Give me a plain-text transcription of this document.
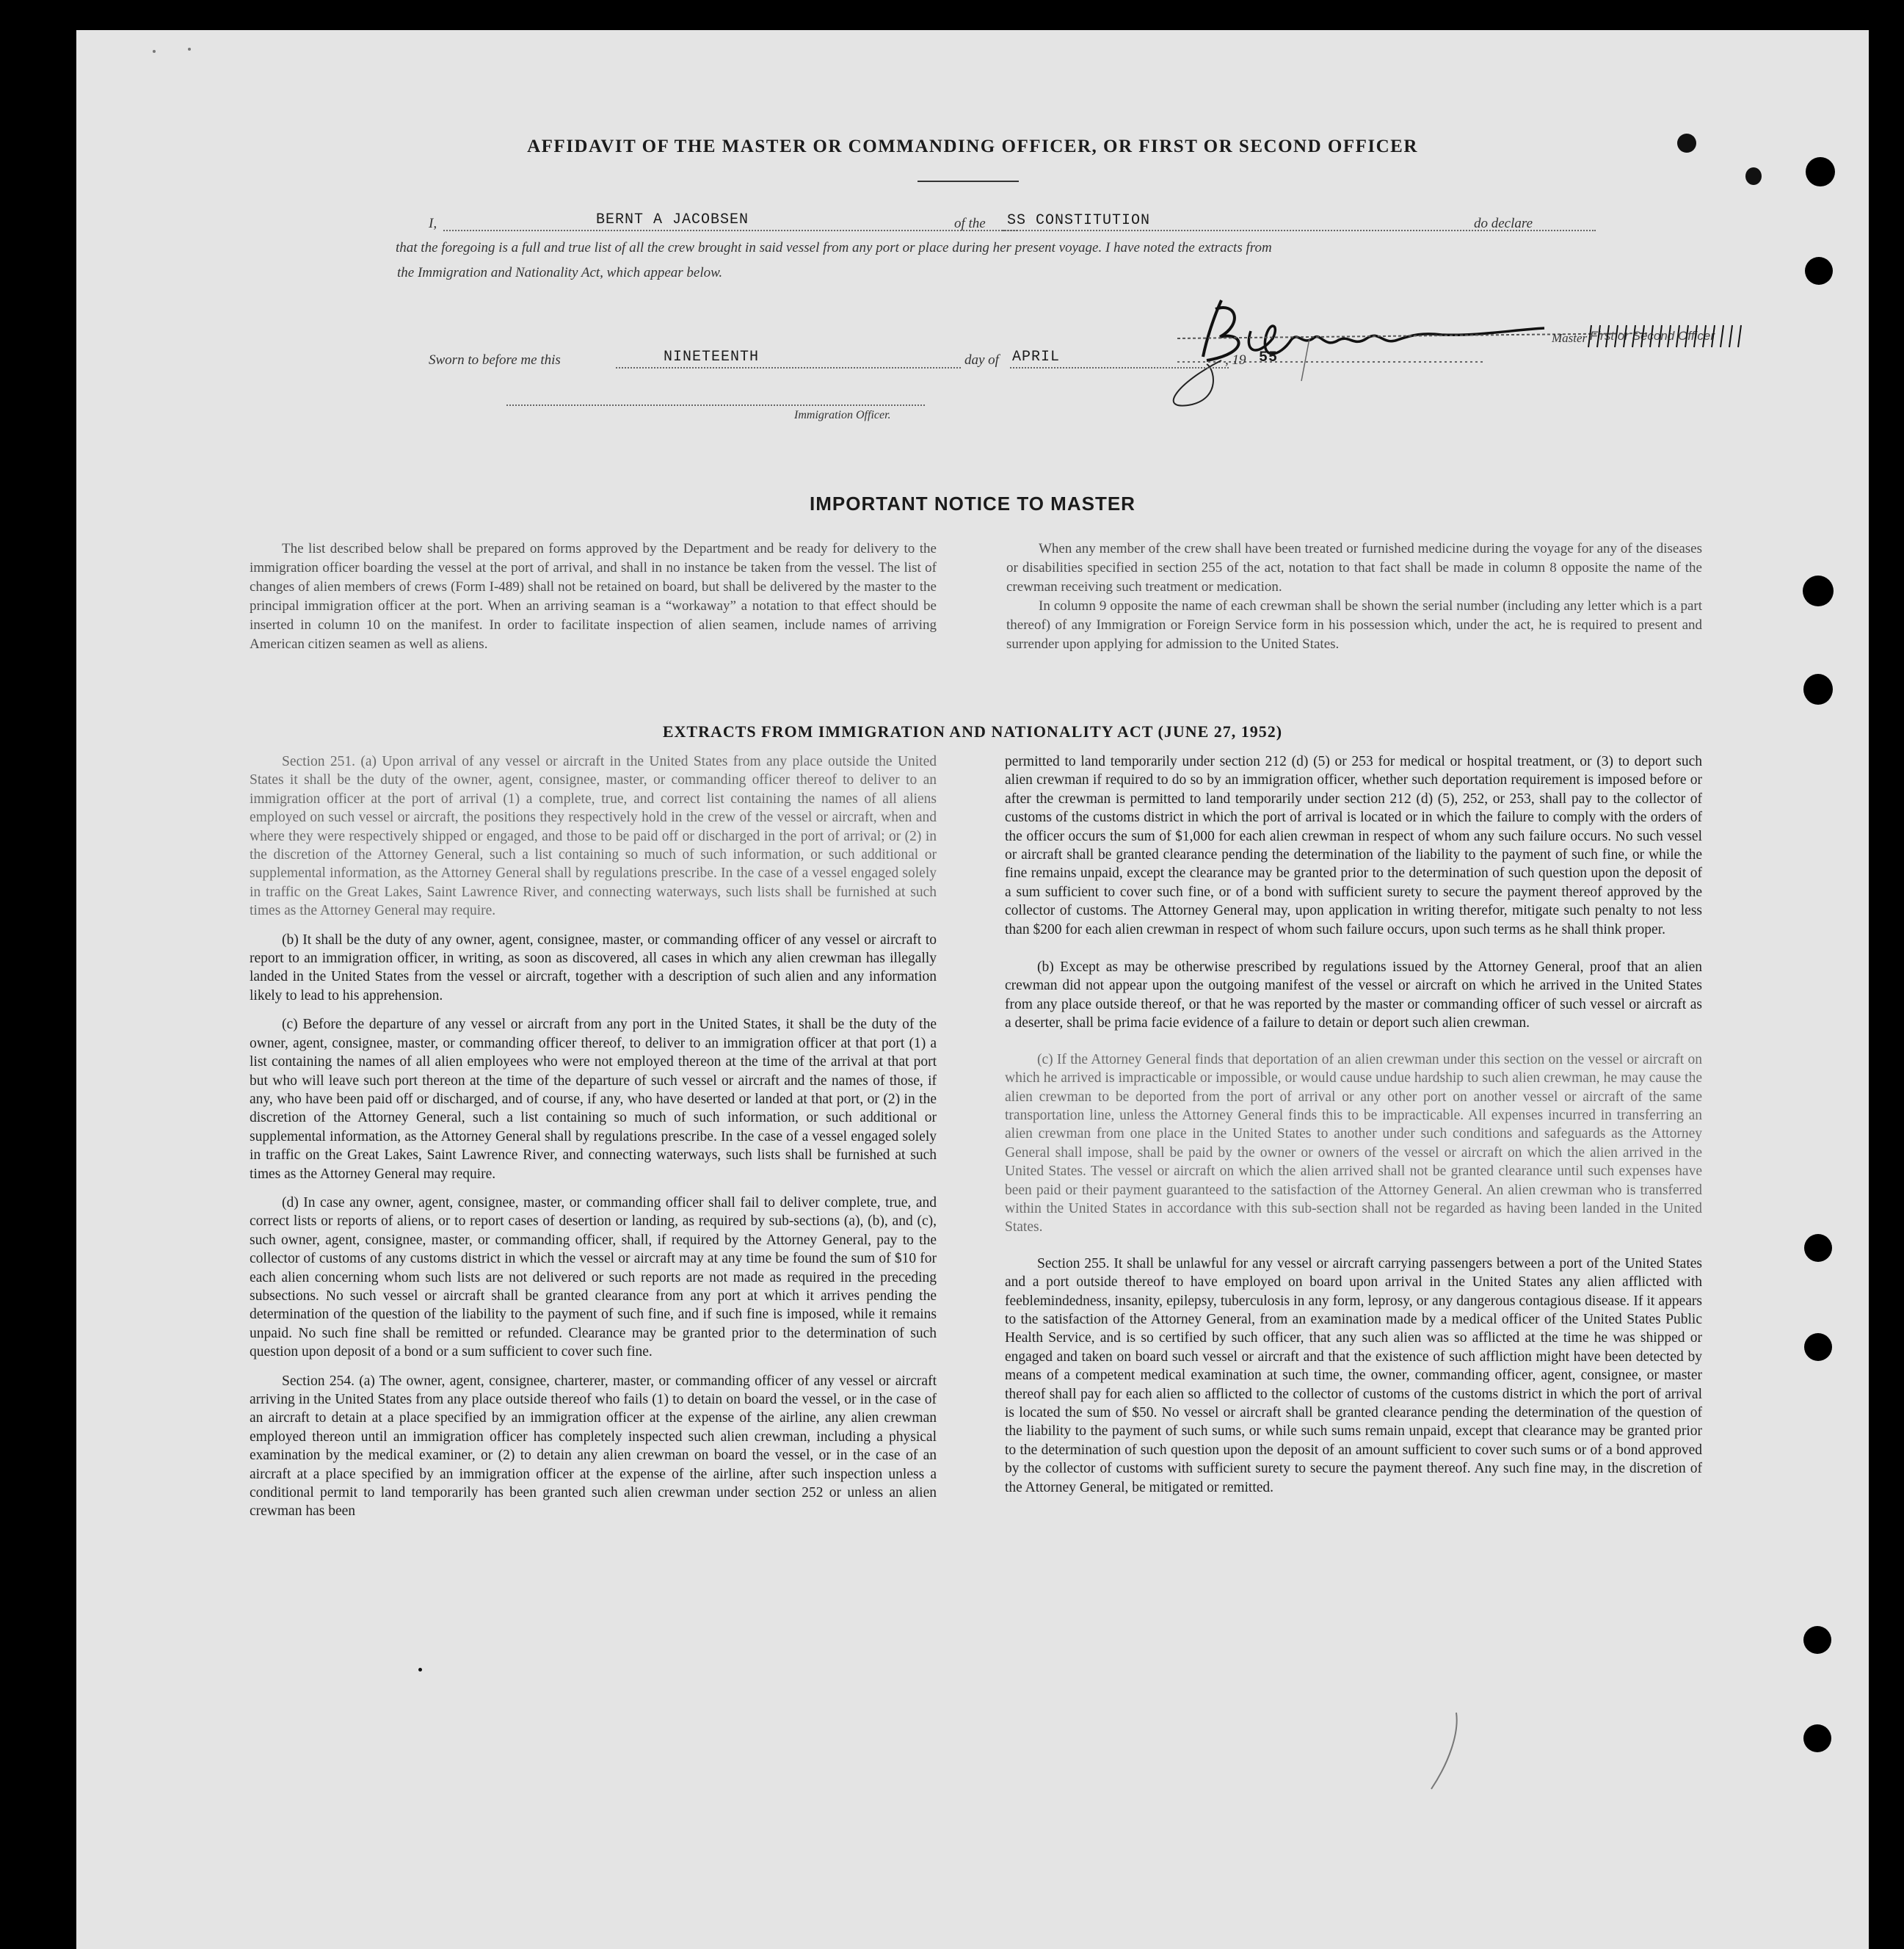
AFFIDAVIT OF THE MASTER OR COMMANDING OFFICER, OR FIRST OR SECOND OFFICER
I,	BERNT A JACOBSEN	of the SS CONSTITUTION	do declare
that the foregoing is a full and true list of all the crew brought in said vessel from any port or place during her present voyage. I have noted the extracts from
the Immigration and Nationality Act, which appear below.
Master First or Second
Sworn to before me this	NINETEENTH	day of APRIL	, 19 55
Immigration Officer.
IMPORTANT NOTICE TO MASTER

The list described below shall be prepared on forms approved by the Department and be ready for delivery to the immigration officer boarding the vessel at the port of arrival, and shall in no instance be taken from the vessel. The list of changes of alien members of crews (Form I-489) shall not be retained on board, but shall be delivered by the master to the principal immigration officer at the port. When an arriving seaman is a “workaway” a notation to that effect should be inserted in column 10 on the manifest. In order to facilitate inspection of alien seamen, include names of arriving American citizen seamen as well as aliens.

When any member of the crew shall have been treated or furnished medicine during the voyage for any of the diseases or disabilities specified in section 255 of the act, notation to that fact shall be made in column 8 opposite the name of the crewman receiving such treatment or medication.

In column 9 opposite the name of each crewman shall be shown the serial number (including any letter which is a part thereof) of any Immigration or Foreign Service form in his possession which, under the act, he is required to present and surrender upon applying for admission to the United States.

EXTRACTS FROM IMMIGRATION AND NATIONALITY ACT (JUNE 27, 1952)

Section 251. (a) Upon arrival of any vessel or aircraft in the United States from any place outside the United States it shall be the duty of the owner, agent, consignee, master, or commanding officer thereof to deliver to an immigration officer at the port of arrival (1) a complete, true, and correct list containing the names of all aliens employed on such vessel or aircraft, the positions they respectively hold in the crew of the vessel or aircraft, when and where they were respectively shipped or engaged, and those to be paid off or discharged in the port of arrival; or (2) in the discretion of the Attorney General, such a list containing so much of such information, or such additional or supplemental information, as the Attorney General shall by regulations prescribe. In the case of a vessel engaged solely in traffic on the Great Lakes, Saint Lawrence River, and connecting waterways, such lists shall be furnished at such times as the Attorney General may require.

(b) It shall be the duty of any owner, agent, consignee, master, or commanding officer of any vessel or aircraft to report to an immigration officer, in writing, as soon as discovered, all cases in which any alien crewman has illegally landed in the United States from the vessel or aircraft, together with a description of such alien and any information likely to lead to his apprehension.

(c) Before the departure of any vessel or aircraft from any port in the United States, it shall be the duty of the owner, agent, consignee, master, or commanding officer thereof, to deliver to an immigration officer at that port (1) a list containing the names of all alien employees who were not employed thereon at the time of the arrival at that port but who will leave such port thereon at the time of the departure of such vessel or aircraft and the names of those, if any, who have been paid off or discharged, and of course, if any, who have deserted or landed at that port, or (2) in the discretion of the Attorney General, such a list containing so much of such information, or such additional or supplemental information, as the Attorney General shall by regulations prescribe. In the case of a vessel engaged solely in traffic on the Great Lakes, Saint Lawrence River, and connecting waterways, such lists shall be furnished at such times as the Attorney General may require.

(d) In case any owner, agent, consignee, master, or commanding officer shall fail to deliver complete, true, and correct lists or reports of aliens, or to report cases of desertion or landing, as required by sub-sections (a), (b), and (c), such owner, agent, consignee, master, or commanding officer, shall, if required by the Attorney General, pay to the collector of customs of any customs district in which the vessel or aircraft may at any time be found the sum of $10 for each alien concerning whom such lists are not delivered or such reports are not made as required in the preceding subsections. No such vessel or aircraft shall be granted clearance from any port at which it arrives pending the determination of the question of the liability to the payment of such fine, and if such fine is imposed, while it remains unpaid. No such fine shall be remitted or refunded. Clearance may be granted prior to the determination of such question upon deposit of a bond or a sum sufficient to cover such fine.

Section 254. (a) The owner, agent, consignee, charterer, master, or commanding officer of any vessel or aircraft arriving in the United States from any place outside thereof who fails (1) to detain on board the vessel, or in the case of an aircraft to detain at a place specified by an immigration officer at the expense of the airline, any alien crewman employed thereon until an immigration officer has completely inspected such alien crewman, including a physical examination by the medical examiner, or (2) to detain any alien crewman on board the vessel, or in the case of an aircraft at a place specified by an immigration officer at the expense of the airline, after such inspection unless a conditional permit to land temporarily has been granted such alien crewman under section 252 or unless an alien crewman has been

permitted to land temporarily under section 212 (d) (5) or 253 for medical or hospital treatment, or (3) to deport such alien crewman if required to do so by an immigration officer, whether such deportation requirement is imposed before or after the crewman is permitted to land temporarily under section 212 (d) (5), 252, or 253, shall pay to the collector of customs of the customs district in which the port of arrival is located or in which the failure to comply with the orders of the officer occurs the sum of $1,000 for each alien crewman in respect of whom any such failure occurs. No such vessel or aircraft shall be granted clearance pending the determination of the liability to the payment of such fine, or while the fine remains unpaid, except the clearance may be granted prior to the determination of such question upon the deposit of a sum sufficient to cover such fine, or of a bond with sufficient surety to secure the payment thereof approved by the collector of customs. The Attorney General may, upon application in writing therefor, mitigate such penalty to not less than $200 for each alien crewman in respect of whom such failure occurs, upon such terms as he shall think proper.

(b) Except as may be otherwise prescribed by regulations issued by the Attorney General, proof that an alien crewman did not appear upon the outgoing manifest of the vessel or aircraft on which he arrived in the United States from any place outside thereof, or that he was reported by the master or commanding officer of such vessel or aircraft as a deserter, shall be prima facie evidence of a failure to detain or deport such alien crewman.

(c) If the Attorney General finds that deportation of an alien crewman under this section on the vessel or aircraft on which he arrived is impracticable or impossible, or would cause undue hardship to such alien crewman, he may cause the alien crewman to be deported from the port of arrival or any other port on another vessel or aircraft of the same transportation line, unless the Attorney General finds this to be impracticable. All expenses incurred in transferring an alien crewman from one place in the United States to another under such conditions and safeguards as the Attorney General shall impose, shall be paid by the owner or owners of the vessel or aircraft on which the alien arrived in the United States. The vessel or aircraft on which the alien arrived shall not be granted clearance until such expenses have been paid or their payment guaranteed to the satisfaction of the Attorney General. An alien crewman who is transferred within the United States in accordance with this sub-section shall not be regarded as having been landed in the United States.

Section 255. It shall be unlawful for any vessel or aircraft carrying passengers between a port of the United States and a port outside thereof to have employed on board upon arrival in the United States any alien afflicted with feeblemindedness, insanity, epilepsy, tuberculosis in any form, leprosy, or any dangerous contagious disease. If it appears to the satisfaction of the Attorney General, from an examination made by a medical officer of the United States Public Health Service, and is so certified by such officer, that any such alien was so afflicted at the time he was shipped or engaged and taken on board such vessel or aircraft and that the existence of such affliction might have been detected by means of a competent medical examination at such time, the owner, commanding officer, agent, consignee, or master thereof shall pay for each alien so afflicted to the collector of customs of the customs district in which the port of arrival is located the sum of $50. No vessel or aircraft shall be granted clearance pending the determination of the question of the liability to the payment of such sums, or while such sums remain unpaid, except that clearance may be granted prior to the determination of such question upon the deposit of an amount sufficient to cover such sums or of a bond approved by the collector of customs with sufficient surety to secure the payment thereof. Any such fine may, in the discretion of the Attorney General, be mitigated or remitted.
